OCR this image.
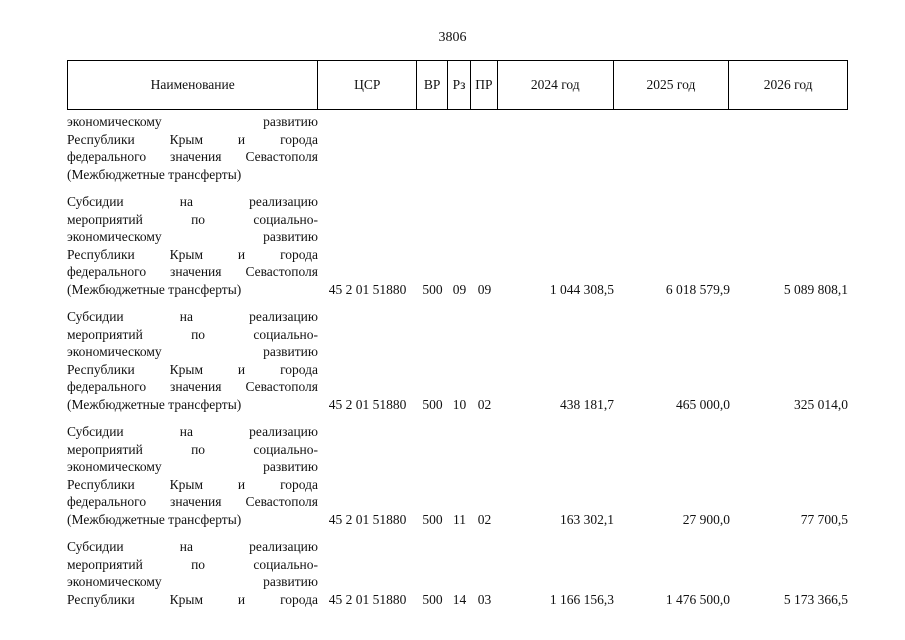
3806
Наименование	ЦСР	ВР Рз ПР	2024 год	2025 год	2026 год
экономическому развитию
Республики Крым и города
федерального значения Севастополя
(Межбюджетные трансферты)
Субсидии на реализацию
мероприятий по социально-
экономическому развитию
Республики Крым и города
федерального значения Севастополя
(Межбюджетные трансферты)	45 2 01 51880	500 09 09	1 044 308,5	6 018 579,9	5 089 808,1
Субсидии на реализацию
мероприятий по социально-
экономическому развитию
Республики Крым и города
федерального значения Севастополя
(Межбюджетные трансферты)	45 2 01 51880	500 10 02	438 181,7	465 000,0	325 014,0
Субсидии на реализацию
мероприятий по социально-
экономическому развитию
Республики Крым и города
федерального значения Севастополя
(Межбюджетные трансферты)	45 2 01 51880	500 11 02	163 302,1	27 900,0	77 700,5
Субсидии на реализацию
мероприятий по социально-
экономическому развитию
Республики Крым и города 45 2 01 51880	500 14 03	1 166 156,3	1 476 500,0	5 173 366,5
